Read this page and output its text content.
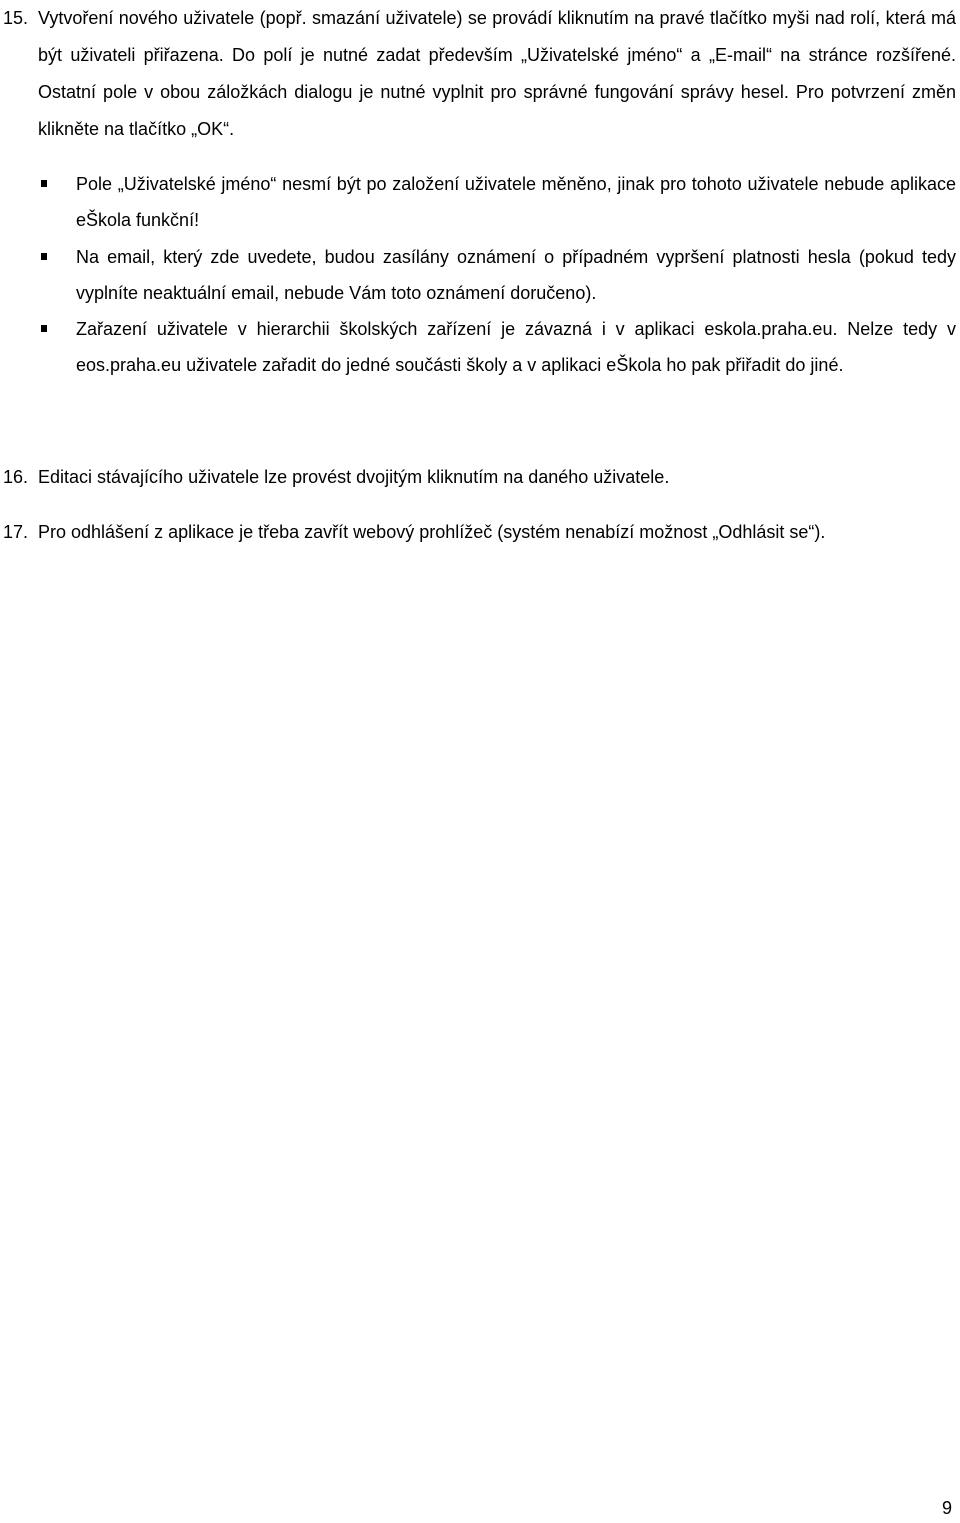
15. Vytvoření nového uživatele (popř. smazání uživatele) se provádí kliknutím na pravé tlačítko myši nad rolí, která má být uživateli přiřazena. Do polí je nutné zadat především „Uživatelské jméno“ a „E-mail“ na stránce rozšířené. Ostatní pole v obou záložkách dialogu je nutné vyplnit pro správné fungování správy hesel. Pro potvrzení změn klikněte na tlačítko „OK“.

Pole „Uživatelské jméno“ nesmí být po založení uživatele měněno, jinak pro tohoto uživatele nebude aplikace eŠkola funkční!
Na email, který zde uvedete, budou zasílány oznámení o případném vypršení platnosti hesla (pokud tedy vyplníte neaktuální email, nebude Vám toto oznámení doručeno).
Zařazení uživatele v hierarchii školských zařízení je závazná i v aplikaci eskola.praha.eu. Nelze tedy v eos.praha.eu uživatele zařadit do jedné součásti školy a v aplikaci eŠkola ho pak přiřadit do jiné.
16. Editaci stávajícího uživatele lze provést dvojitým kliknutím na daného uživatele.

17. Pro odhlášení z aplikace je třeba zavřít webový prohlížeč (systém nenabízí možnost „Odhlásit se“).

9
